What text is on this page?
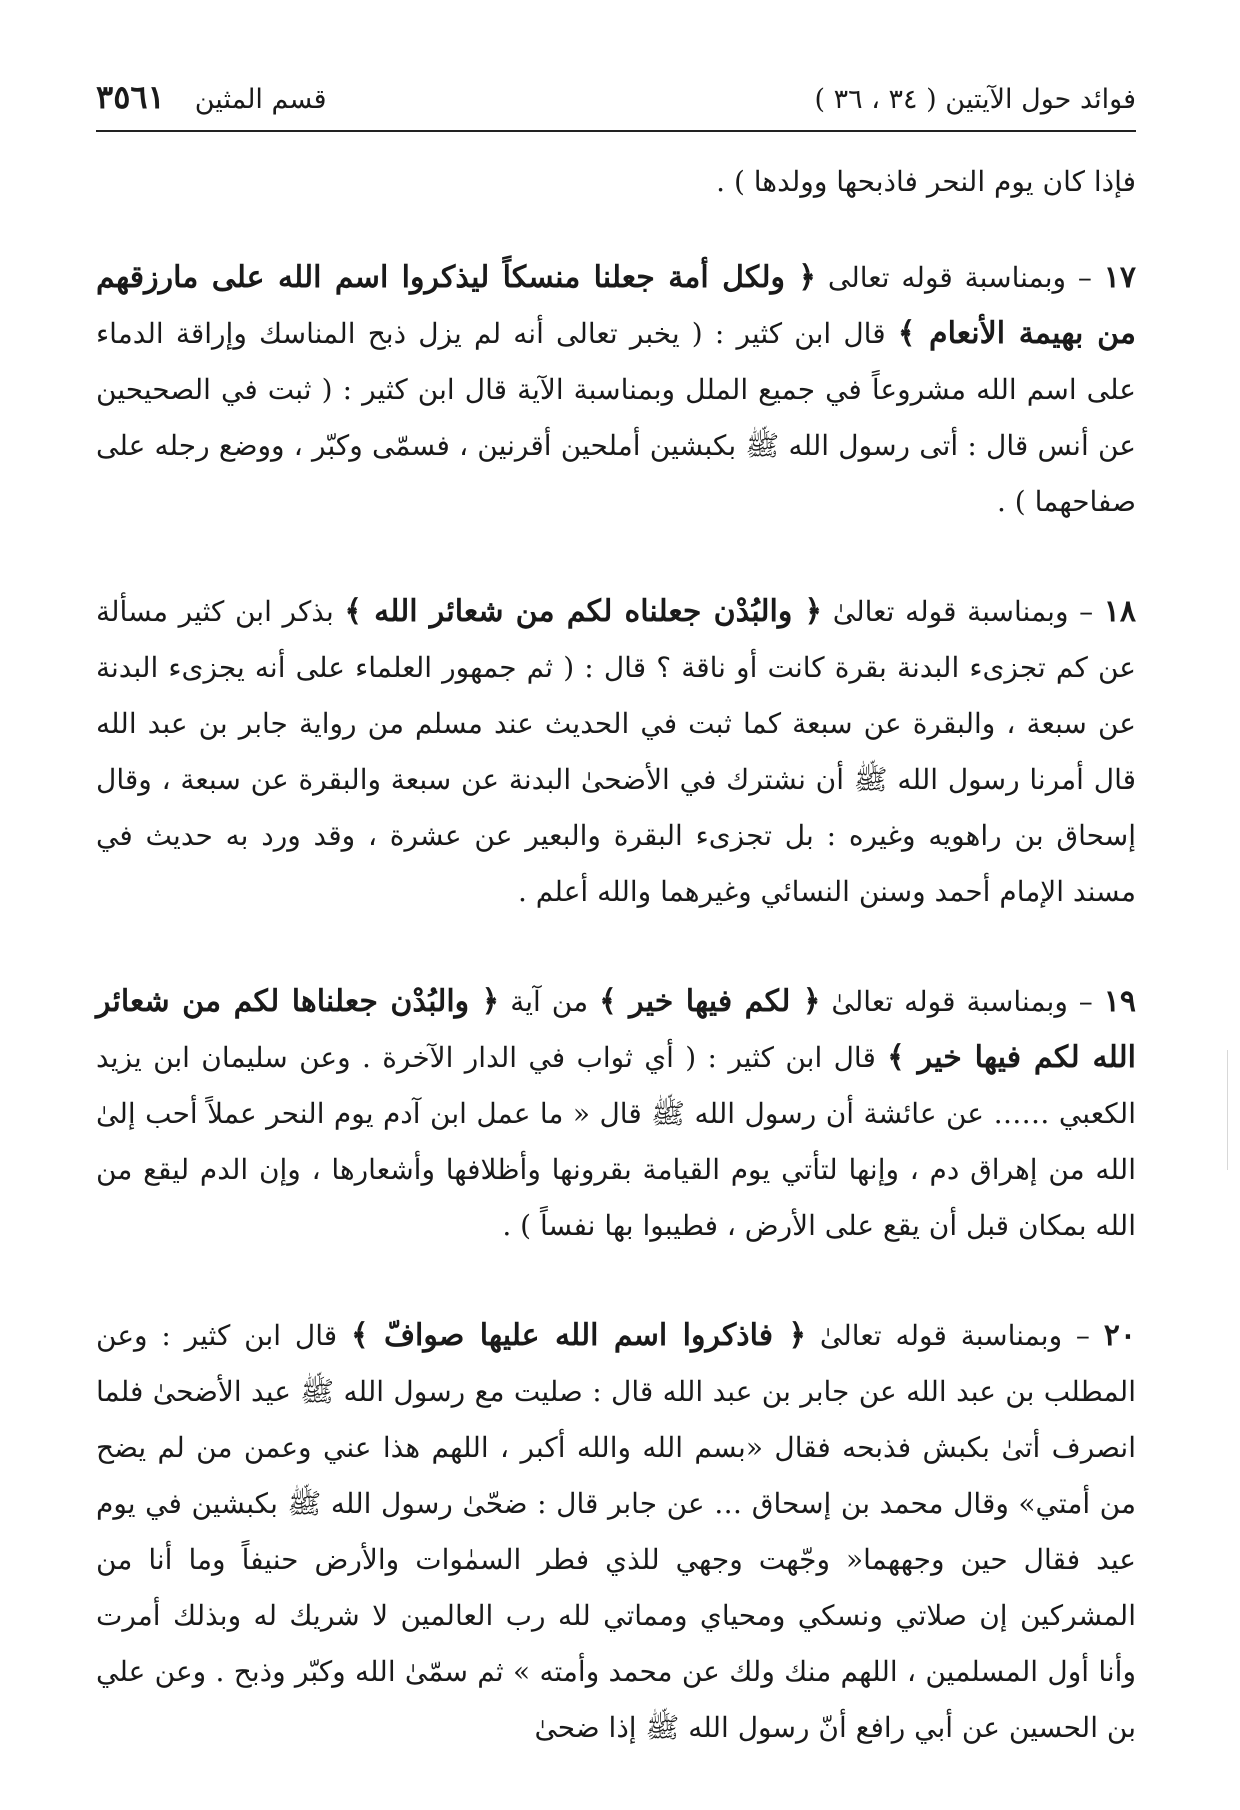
فوائد حول الآيتين ( ٣٤ ، ٣٦ )
قسم المثين
٣٥٦١

فإذا كان يوم النحر فاذبحها وولدها ) .

١٧ – وبمناسبة قوله تعالى ﴿ ولكل أمة جعلنا منسكاً ليذكروا اسم الله على مارزقهم من بهيمة الأنعام ﴾ قال ابن كثير : ( يخبر تعالى أنه لم يزل ذبح المناسك وإراقة الدماء على اسم الله مشروعاً في جميع الملل وبمناسبة الآية قال ابن كثير : ( ثبت في الصحيحين عن أنس قال : أتى رسول الله ﷺ بكبشين أملحين أقرنين ، فسمّى وكبّر ، ووضع رجله على صفاحهما ) .

١٨ – وبمناسبة قوله تعالىٰ ﴿ والبُدْن جعلناه لكم من شعائر الله ﴾ بذكر ابن كثير مسألة عن كم تجزىء البدنة بقرة كانت أو ناقة ؟ قال : ( ثم جمهور العلماء على أنه يجزىء البدنة عن سبعة ، والبقرة عن سبعة كما ثبت في الحديث عند مسلم من رواية جابر بن عبد الله قال أمرنا رسول الله ﷺ أن نشترك في الأضحىٰ البدنة عن سبعة والبقرة عن سبعة ، وقال إسحاق بن راهويه وغيره : بل تجزىء البقرة والبعير عن عشرة ، وقد ورد به حديث في مسند الإمام أحمد وسنن النسائي وغيرهما والله أعلم .

١٩ – وبمناسبة قوله تعالىٰ ﴿ لكم فيها خير ﴾ من آية ﴿ والبُدْن جعلناها لكم من شعائر الله لكم فيها خير ﴾ قال ابن كثير : ( أي ثواب في الدار الآخرة . وعن سليمان ابن يزيد الكعبي …… عن عائشة أن رسول الله ﷺ قال « ما عمل ابن آدم يوم النحر عملاً أحب إلىٰ الله من إهراق دم ، وإنها لتأتي يوم القيامة بقرونها وأظلافها وأشعارها ، وإن الدم ليقع من الله بمكان قبل أن يقع على الأرض ، فطيبوا بها نفساً ) .

٢٠ – وبمناسبة قوله تعالىٰ ﴿ فاذكروا اسم الله عليها صوافّ ﴾ قال ابن كثير : وعن المطلب بن عبد الله عن جابر بن عبد الله قال : صليت مع رسول الله ﷺ عيد الأضحىٰ فلما انصرف أتىٰ بكبش فذبحه فقال «بسم الله والله أكبر ، اللهم هذا عني وعمن من لم يضح من أمتي» وقال محمد بن إسحاق … عن جابر قال : ضحّىٰ رسول الله ﷺ بكبشين في يوم عيد فقال حين وجههما« وجّهت وجهي للذي فطر السمٰوات والأرض حنيفاً وما أنا من المشركين إن صلاتي ونسكي ومحياي ومماتي لله رب العالمين لا شريك له وبذلك أمرت وأنا أول المسلمين ، اللهم منك ولك عن محمد وأمته » ثم سمّىٰ الله وكبّر وذبح . وعن علي بن الحسين عن أبي رافع أنّ رسول الله ﷺ إذا ضحىٰ
